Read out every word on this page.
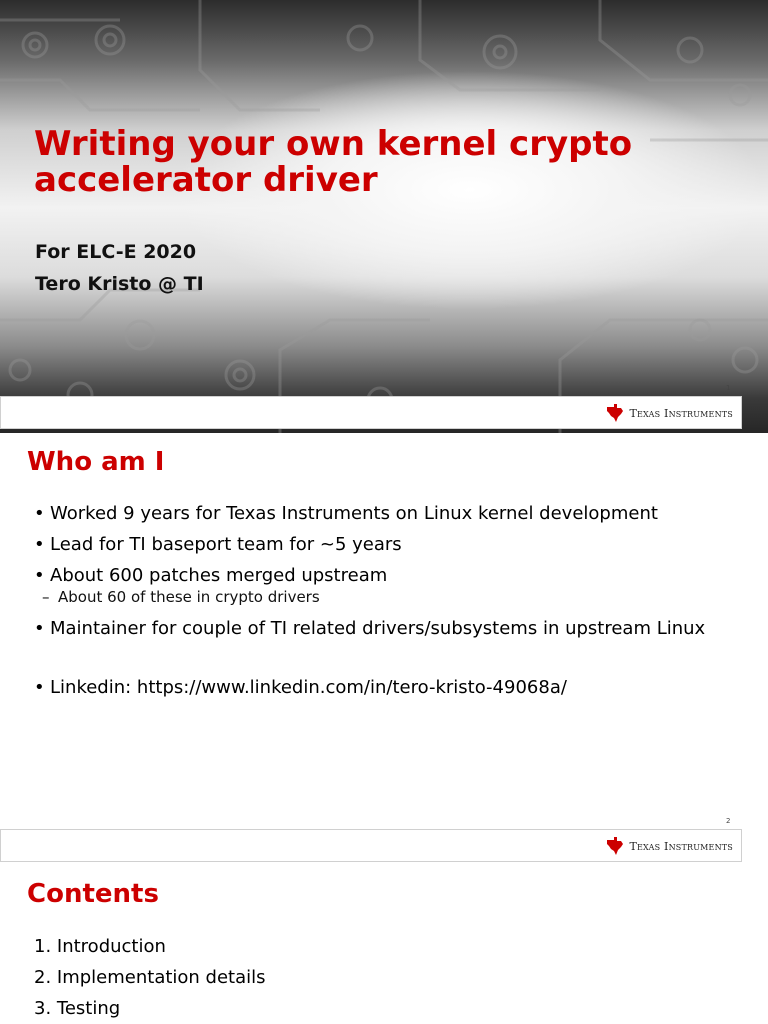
Writing your own kernel crypto accelerator driver
For ELC-E 2020
Tero Kristo @ TI
1
TEXAS INSTRUMENTS
Who am I
• Worked 9 years for Texas Instruments on Linux kernel development
• Lead for TI baseport team for ~5 years
• About 600 patches merged upstream
– About 60 of these in crypto drivers
• Maintainer for couple of TI related drivers/subsystems in upstream Linux
• Linkedin: https://www.linkedin.com/in/tero-kristo-49068a/
2
TEXAS INSTRUMENTS
Contents
1. Introduction
2. Implementation details
3. Testing
